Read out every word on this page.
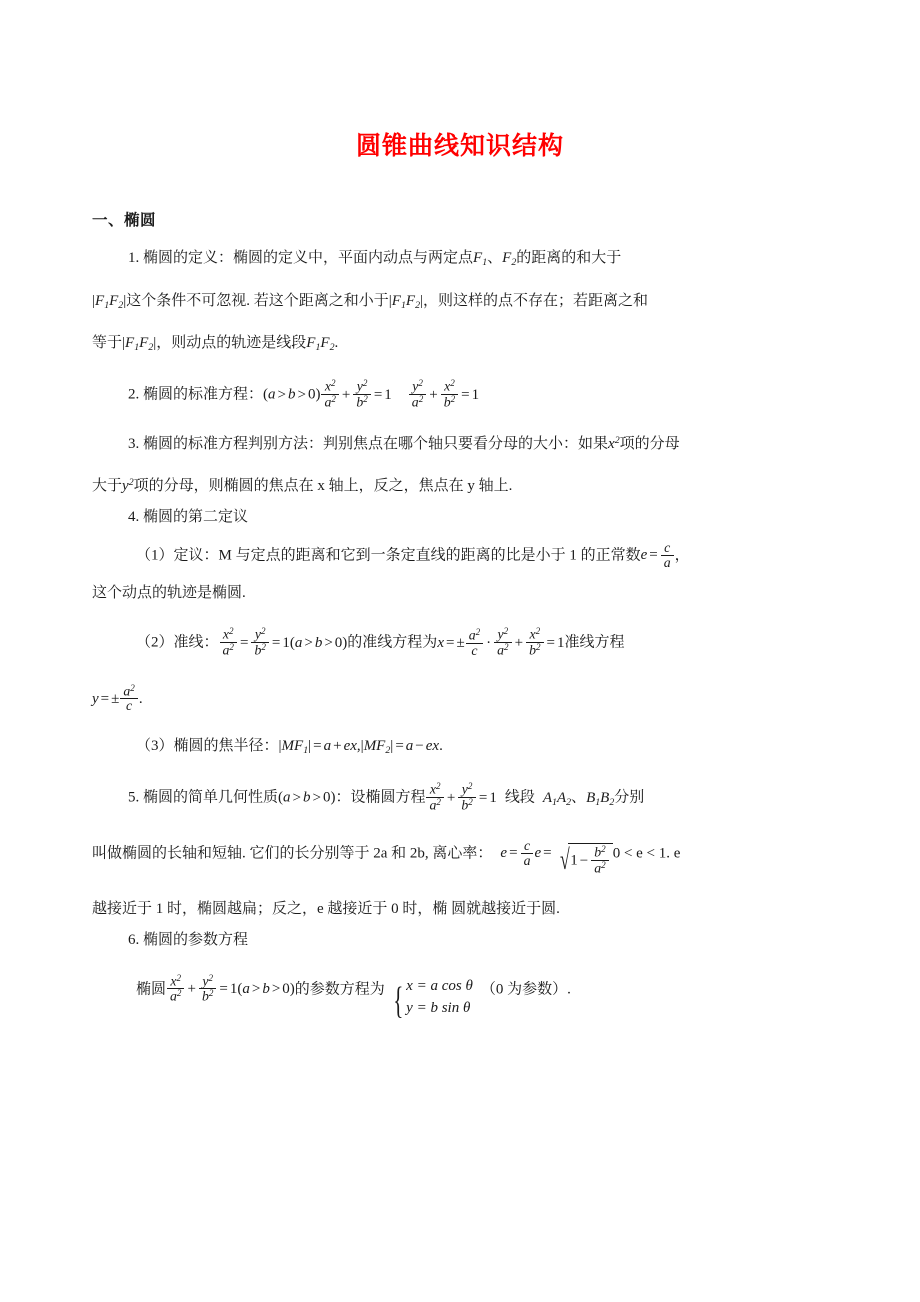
圆锥曲线知识结构
一、椭圆
1. 椭圆的定义：椭圆的定义中，平面内动点与两定点$F_1$、$F_2$的距离的和大于
$|F_1F_2|$这个条件不可忽视. 若这个距离之和小于$|F_1F_2|$，则这样的点不存在；若距离之和
等于$|F_1F_2|$，则动点的轨迹是线段$F_1F_2$.
2. 椭圆的标准方程：$(a > b > 0) \frac{x^2}{a^2} + \frac{y^2}{b^2} = 1 \frac{y^2}{a^2} + \frac{x^2}{b^2} = 1$
3. 椭圆的标准方程判别方法：判别焦点在哪个轴只要看分母的大小：如果$x^2$项的分母
大于$y^2$项的分母，则椭圆的焦点在 x 轴上，反之，焦点在 y 轴上.
4. 椭圆的第二定议
（1）定议：M 与定点的距离和它到一条定直线的距离的比是小于 1 的正常数$e = \frac{c}{a}$ ，
这个动点的轨迹是椭圆.
（2）准线： $\frac{x^2}{a^2} = \frac{y^2}{b^2} = 1(a > b > 0)$的准线方程为x = ± $\frac{a^2}{c} \cdot \frac{y^2}{a^2} + \frac{x^2}{b^2} = 1$准线方程
y = ± $\frac{a^2}{c}$ .
（3）椭圆的焦半径：$|MF_1| = a + ex,|MF_2| = a$ − ex.
5. 椭圆的简单几何性质(a > b > 0)：设椭圆方程 $\frac{x^2}{a^2} + \frac{y^2}{b^2} = 1$ 线段 $A_1A_2$、$B_1B_2$分别
叫做椭圆的长轴和短轴. 它们的长分别等于 2a 和 2b, 离心率： $e = \frac{c}{a}$ $e = √1 - \frac{b^2}{a^2} 0 < e < 1$. e
越接近于 1 时，椭圆越扁；反之，e 越接近于 0 时，椭 圆就越接近于圆.
6. 椭圆的参数方程
椭圆 $\frac{x^2}{a^2} + \frac{y^2}{b^2} = 1(a > b > 0)$的参数方程为 { x = a cos θ
y = b sin θ
（0 为参数）.
